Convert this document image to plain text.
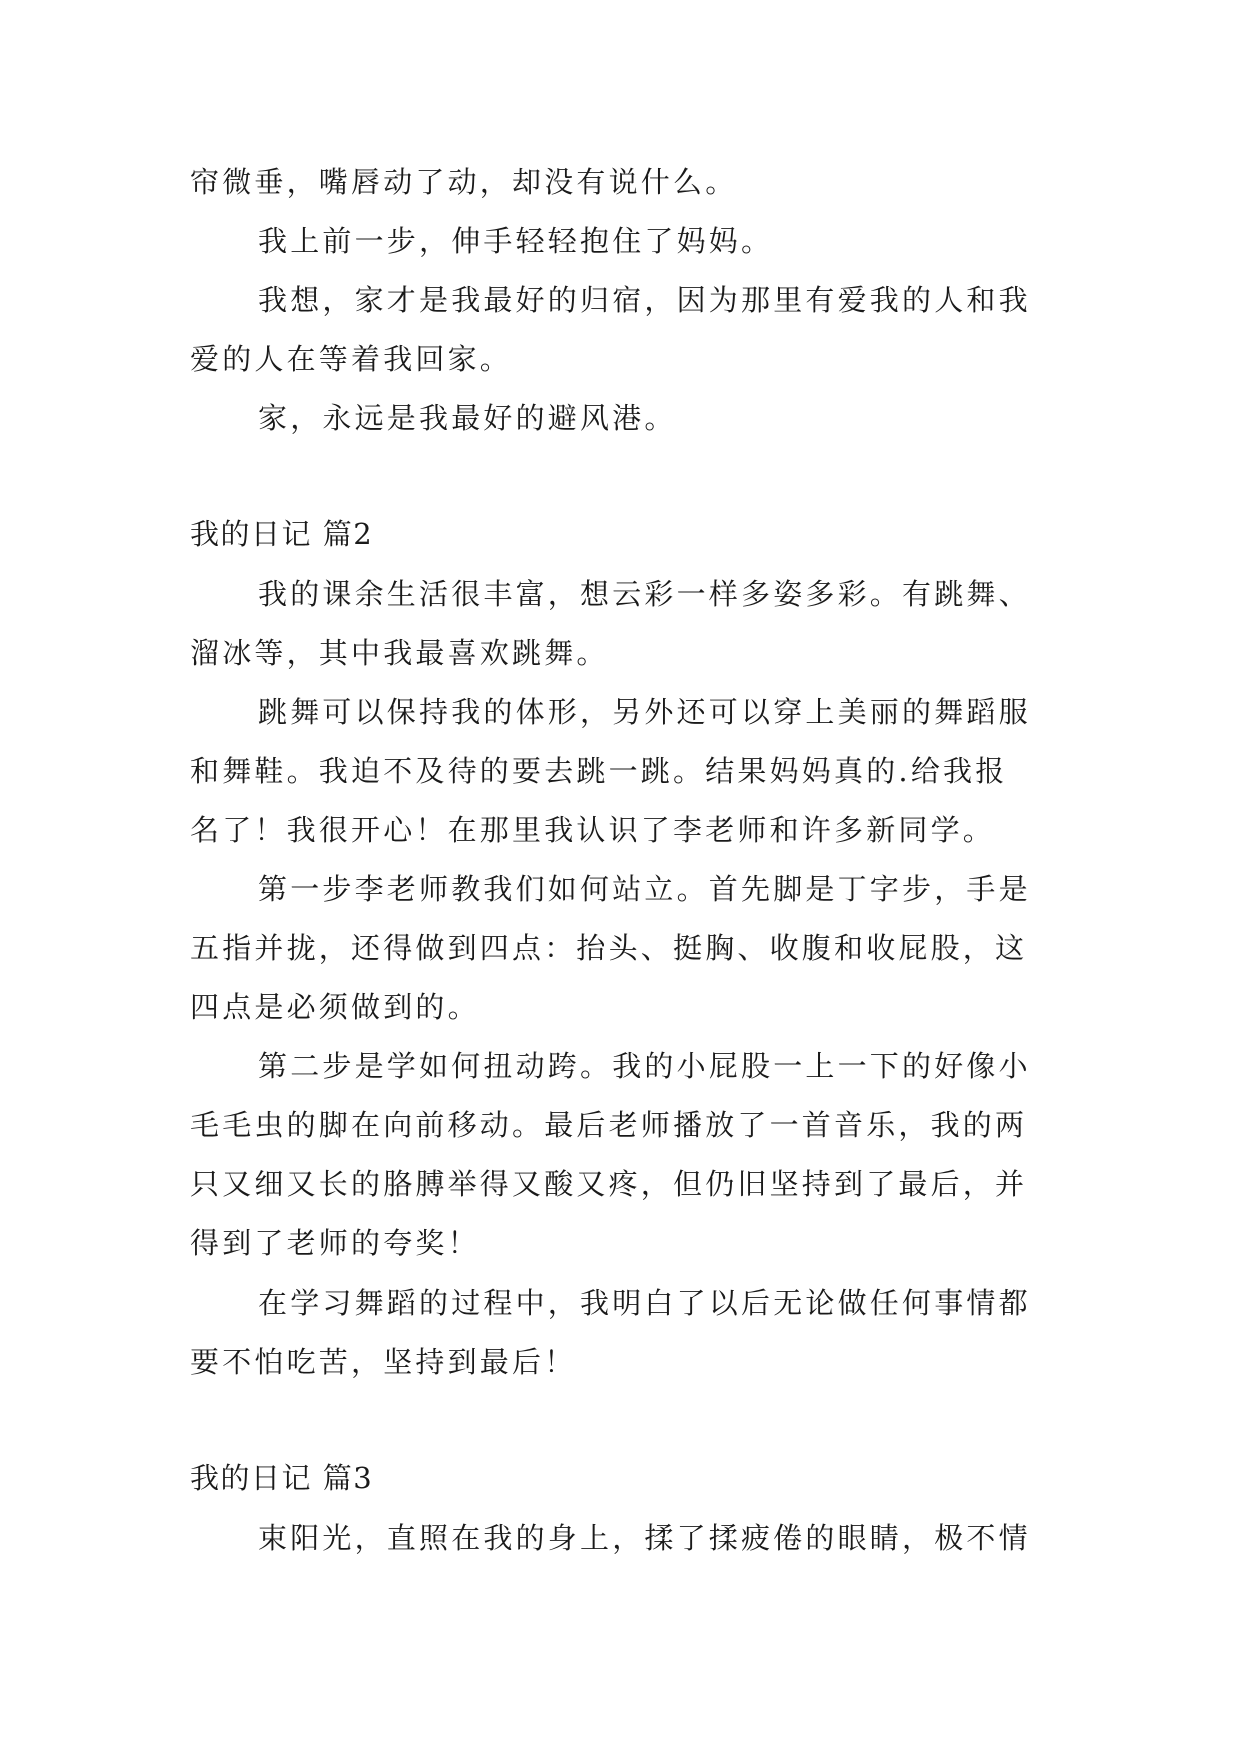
帘微垂，嘴唇动了动，却没有说什么。
我上前一步，伸手轻轻抱住了妈妈。
我想，家才是我最好的归宿，因为那里有爱我的人和我
爱的人在等着我回家。
家，永远是我最好的避风港。
我的日记 篇2
我的课余生活很丰富，想云彩一样多姿多彩。有跳舞、
溜冰等，其中我最喜欢跳舞。
跳舞可以保持我的体形，另外还可以穿上美丽的舞蹈服
和舞鞋。我迫不及待的要去跳一跳。结果妈妈真的.给我报
名了！我很开心！在那里我认识了李老师和许多新同学。
第一步李老师教我们如何站立。首先脚是丁字步，手是
五指并拢，还得做到四点：抬头、挺胸、收腹和收屁股，这
四点是必须做到的。
第二步是学如何扭动跨。我的小屁股一上一下的好像小
毛毛虫的脚在向前移动。最后老师播放了一首音乐，我的两
只又细又长的胳膊举得又酸又疼，但仍旧坚持到了最后，并
得到了老师的夸奖！
在学习舞蹈的过程中，我明白了以后无论做任何事情都
要不怕吃苦，坚持到最后！
我的日记 篇3
束阳光，直照在我的身上，揉了揉疲倦的眼睛，极不情
